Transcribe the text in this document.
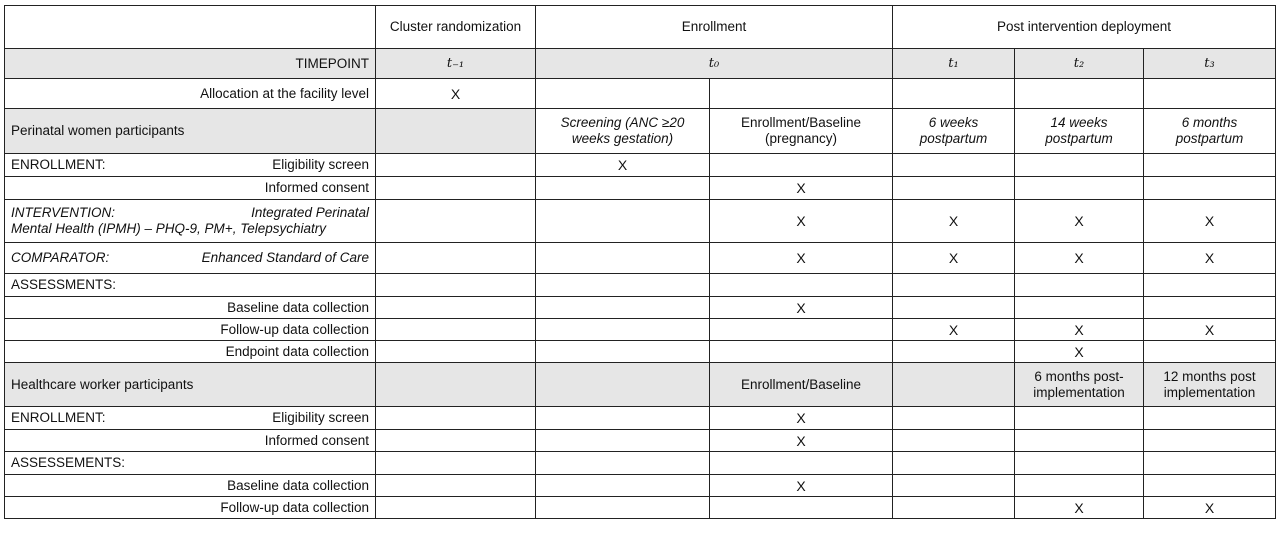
	Cluster randomization	Enrollment		Post intervention deployment		
TIMEPOINT	t₋₁	t₀		t₁	t₂	t₃
Allocation at the facility level	X					
Perinatal women participants		Screening (ANC ≥20 weeks gestation)	Enrollment/Baseline (pregnancy)	6 weeks postpartum	14 weeks postpartum	6 months postpartum

ENROLLMENT: Eligibility screen		X				
Informed consent			X			

INTERVENTION: Integrated Perinatal
Mental Health (IPMH) – PHQ-9, PM+, Telepsychiatry			X	X	X	X

COMPARATOR: Enhanced Standard of Care			X	X	X	X
ASSESSMENTS:						
Baseline data collection			X			
Follow-up data collection				X	X	X
Endpoint data collection					X	
Healthcare worker participants			Enrollment/Baseline		6 months post-implementation	12 months post implementation

ENROLLMENT: Eligibility screen			X			
Informed consent			X			
ASSESSEMENTS:						
Baseline data collection			X			
Follow-up data collection					X	X
